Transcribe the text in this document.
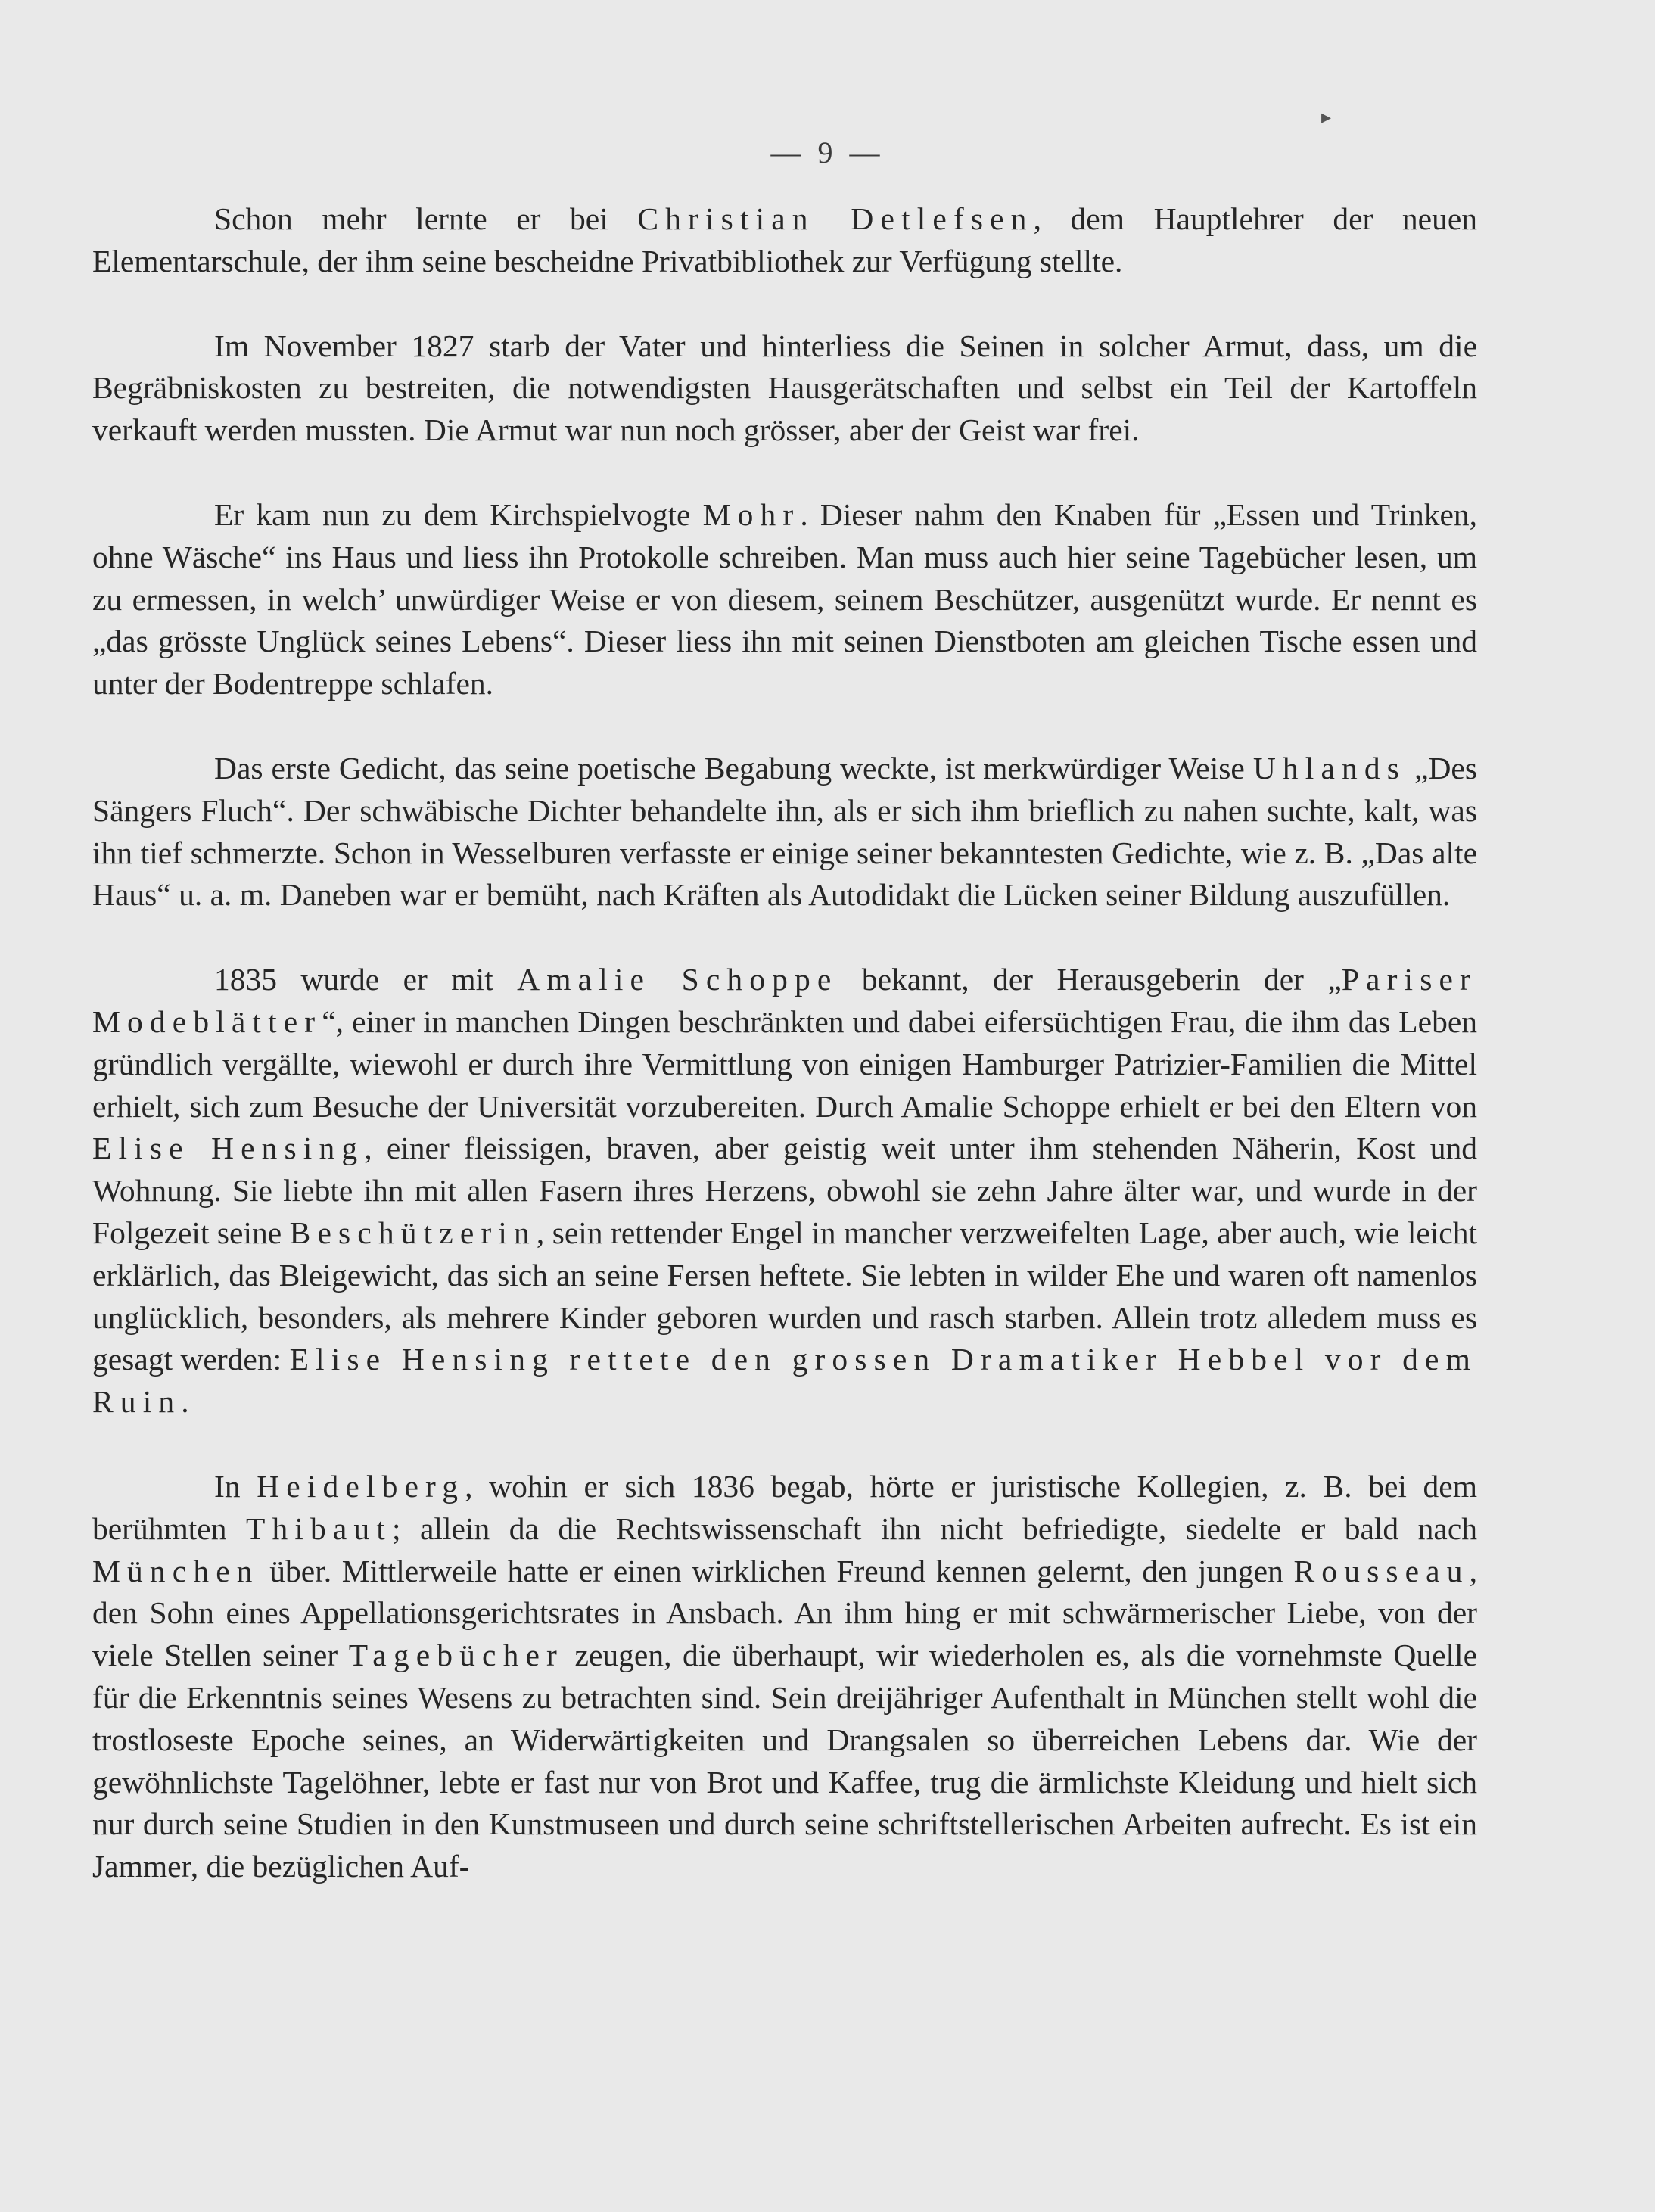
— 9 —

Schon mehr lernte er bei Christian Detlefsen, dem Hauptlehrer der neuen Elementarschule, der ihm seine bescheidne Privatbibliothek zur Verfügung stellte.

Im November 1827 starb der Vater und hinterliess die Seinen in solcher Armut, dass, um die Begräbniskosten zu bestreiten, die notwendigsten Hausgerätschaften und selbst ein Teil der Kartoffeln verkauft werden mussten. Die Armut war nun noch grösser, aber der Geist war frei.

Er kam nun zu dem Kirchspielvogte Mohr. Dieser nahm den Knaben für „Essen und Trinken, ohne Wäsche“ ins Haus und liess ihn Protokolle schreiben. Man muss auch hier seine Tagebücher lesen, um zu ermessen, in welch’ unwürdiger Weise er von diesem, seinem Beschützer, ausgenützt wurde. Er nennt es „das grösste Unglück seines Lebens“. Dieser liess ihn mit seinen Dienstboten am gleichen Tische essen und unter der Bodentreppe schlafen.

Das erste Gedicht, das seine poetische Begabung weckte, ist merkwürdiger Weise Uhlands „Des Sängers Fluch“. Der schwäbische Dichter behandelte ihn, als er sich ihm brieflich zu nahen suchte, kalt, was ihn tief schmerzte. Schon in Wesselburen verfasste er einige seiner bekanntesten Gedichte, wie z. B. „Das alte Haus“ u. a. m. Daneben war er bemüht, nach Kräften als Autodidakt die Lücken seiner Bildung auszufüllen.

1835 wurde er mit Amalie Schoppe bekannt, der Herausgeberin der „Pariser Modeblätter“, einer in manchen Dingen beschränkten und dabei eifersüchtigen Frau, die ihm das Leben gründlich vergällte, wiewohl er durch ihre Vermittlung von einigen Hamburger Patrizier-Familien die Mittel erhielt, sich zum Besuche der Universität vorzubereiten. Durch Amalie Schoppe erhielt er bei den Eltern von Elise Hensing, einer fleissigen, braven, aber geistig weit unter ihm stehenden Näherin, Kost und Wohnung. Sie liebte ihn mit allen Fasern ihres Herzens, obwohl sie zehn Jahre älter war, und wurde in der Folgezeit seine Beschützerin, sein rettender Engel in mancher verzweifelten Lage, aber auch, wie leicht erklärlich, das Bleigewicht, das sich an seine Fersen heftete. Sie lebten in wilder Ehe und waren oft namenlos unglücklich, besonders, als mehrere Kinder geboren wurden und rasch starben. Allein trotz alledem muss es gesagt werden: Elise Hensing rettete den grossen Dramatiker Hebbel vor dem Ruin.

In Heidelberg, wohin er sich 1836 begab, hörte er juristische Kollegien, z. B. bei dem berühmten Thibaut; allein da die Rechtswissenschaft ihn nicht befriedigte, siedelte er bald nach München über. Mittlerweile hatte er einen wirklichen Freund kennen gelernt, den jungen Rousseau, den Sohn eines Appellationsgerichtsrates in Ansbach. An ihm hing er mit schwärmerischer Liebe, von der viele Stellen seiner Tagebücher zeugen, die überhaupt, wir wiederholen es, als die vornehmste Quelle für die Erkenntnis seines Wesens zu betrachten sind. Sein dreijähriger Aufenthalt in München stellt wohl die trostloseste Epoche seines, an Widerwärtigkeiten und Drangsalen so überreichen Lebens dar. Wie der gewöhnlichste Tagelöhner, lebte er fast nur von Brot und Kaffee, trug die ärmlichste Kleidung und hielt sich nur durch seine Studien in den Kunstmuseen und durch seine schriftstellerischen Arbeiten aufrecht. Es ist ein Jammer, die bezüglichen Auf-

▸
